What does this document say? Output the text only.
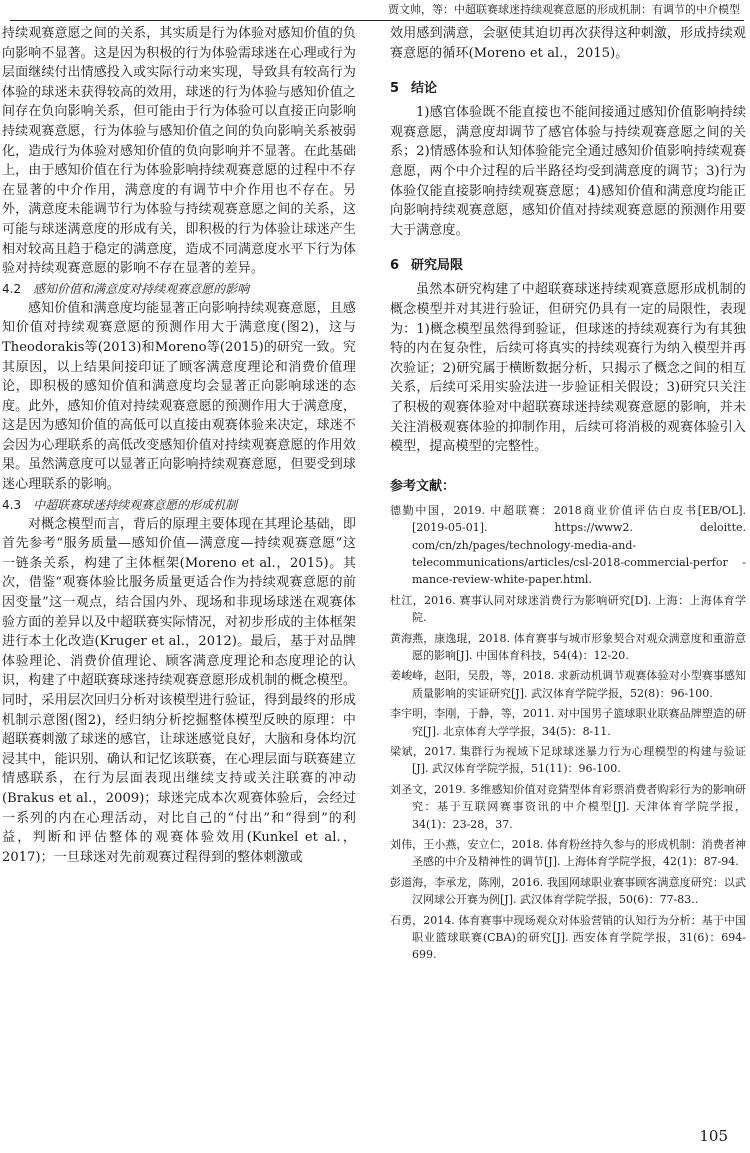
贾文帅，等：中超联赛球迷持续观赛意愿的形成机制：有调节的中介模型

持续观赛意愿之间的关系，其实质是行为体验对感知价值的负向影响不显著。这是因为积极的行为体验需球迷在心理或行为层面继续付出情感投入或实际行动来实现，导致具有较高行为体验的球迷未获得较高的效用，球迷的行为体验与感知价值之间存在负向影响关系，但可能由于行为体验可以直接正向影响持续观赛意愿，行为体验与感知价值之间的负向影响关系被弱化，造成行为体验对感知价值的负向影响并不显著。在此基础上，由于感知价值在行为体验影响持续观赛意愿的过程中不存在显著的中介作用，满意度的有调节中介作用也不存在。另外，满意度未能调节行为体验与持续观赛意愿之间的关系，这可能与球迷满意度的形成有关，即积极的行为体验让球迷产生相对较高且趋于稳定的满意度，造成不同满意度水平下行为体验对持续观赛意愿的影响不存在显著的差异。

4.2 感知价值和满意度对持续观赛意愿的影响

感知价值和满意度均能显著正向影响持续观赛意愿，且感知价值对持续观赛意愿的预测作用大于满意度(图2)，这与Theodorakis等(2013)和Moreno等(2015)的研究一致。究其原因，以上结果间接印证了顾客满意度理论和消费价值理论，即积极的感知价值和满意度均会显著正向影响球迷的态度。此外，感知价值对持续观赛意愿的预测作用大于满意度，这是因为感知价值的高低可以直接由观赛体验来决定，球迷不会因为心理联系的高低改变感知价值对持续观赛意愿的作用效果。虽然满意度可以显著正向影响持续观赛意愿，但要受到球迷心理联系的影响。

4.3 中超联赛球迷持续观赛意愿的形成机制

对概念模型而言，背后的原理主要体现在其理论基础，即首先参考“服务质量—感知价值—满意度—持续观赛意愿”这一链条关系，构建了主体框架(Moreno et al.，2015)。其次，借鉴“观赛体验比服务质量更适合作为持续观赛意愿的前因变量”这一观点，结合国内外、现场和非现场球迷在观赛体验方面的差异以及中超联赛实际情况，对初步形成的主体框架进行本土化改造(Kruger et al.，2012)。最后，基于对品牌体验理论、消费价值理论、顾客满意度理论和态度理论的认识，构建了中超联赛球迷持续观赛意愿形成机制的概念模型。同时，采用层次回归分析对该模型进行验证，得到最终的形成机制示意图(图2)，经归纳分析挖掘整体模型反映的原理：中超联赛刺激了球迷的感官，让球迷感觉良好，大脑和身体均沉浸其中，能识别、确认和记忆该联赛，在心理层面与联赛建立情感联系，在行为层面表现出继续支持或关注联赛的冲动(Brakus et al.，2009)；球迷完成本次观赛体验后，会经过一系列的内在心理活动，对比自己的“付出”和“得到”的利益，判断和评估整体的观赛体验效用(Kunkel et al.，2017)；一旦球迷对先前观赛过程得到的整体刺激或

效用感到满意，会驱使其迫切再次获得这种刺激，形成持续观赛意愿的循环(Moreno et al.，2015)。

5 结论

1)感官体验既不能直接也不能间接通过感知价值影响持续观赛意愿，满意度却调节了感官体验与持续观赛意愿之间的关系；2)情感体验和认知体验能完全通过感知价值影响持续观赛意愿，两个中介过程的后半路径均受到满意度的调节；3)行为体验仅能直接影响持续观赛意愿；4)感知价值和满意度均能正向影响持续观赛意愿，感知价值对持续观赛意愿的预测作用要大于满意度。

6 研究局限

虽然本研究构建了中超联赛球迷持续观赛意愿形成机制的概念模型并对其进行验证，但研究仍具有一定的局限性，表现为：1)概念模型虽然得到验证，但球迷的持续观赛行为有其独特的内在复杂性，后续可将真实的持续观赛行为纳入模型并再次验证；2)研究属于横断数据分析，只揭示了概念之间的相互关系，后续可采用实验法进一步验证相关假设；3)研究只关注了积极的观赛体验对中超联赛球迷持续观赛意愿的影响，并未关注消极观赛体验的抑制作用，后续可将消极的观赛体验引入模型，提高模型的完整性。

参考文献：

德勤中国，2019. 中超联赛：2018商业价值评估白皮书[EB/OL]. [2019-05-01]. https://www2. deloitte. com/cn/zh/pages/technology-media-and-telecommunications/articles/csl-2018-commercial-perfor -mance-review-white-paper.html.

杜江，2016. 赛事认同对球迷消费行为影响研究[D]. 上海：上海体育学院.

黄海燕，康逸琨，2018. 体育赛事与城市形象契合对观众满意度和重游意愿的影响[J]. 中国体育科技，54(4)：12-20.

姜峻峰，赵阳，吴殷，等，2018. 求新动机调节观赛体验对小型赛事感知质量影响的实证研究[J]. 武汉体育学院学报，52(8)：96-100.

李宇明，李刚，于静，等，2011. 对中国男子篮球职业联赛品牌塑造的研究[J]. 北京体育大学学报，34(5)：8-11.

梁斌，2017. 集群行为视域下足球球迷暴力行为心理模型的构建与验证[J]. 武汉体育学院学报，51(11)：96-100.

刘圣文，2019. 多维感知价值对竞猜型体育彩票消费者购彩行为的影响研究：基于互联网赛事资讯的中介模型[J]. 天津体育学院学报，34(1)：23-28，37.

刘伟，王小燕，安立仁，2018. 体育粉丝持久参与的形成机制：消费者神圣感的中介及精神性的调节[J]. 上海体育学院学报，42(1)：87-94.

彭道海，李承龙，陈刚，2016. 我国网球职业赛事顾客满意度研究：以武汉网球公开赛为例[J]. 武汉体育学院学报，50(6)：77-83..

石勇，2014. 体育赛事中现场观众对体验营销的认知行为分析：基于中国职业篮球联赛(CBA)的研究[J]. 西安体育学院学报，31(6)：694-699.

105
